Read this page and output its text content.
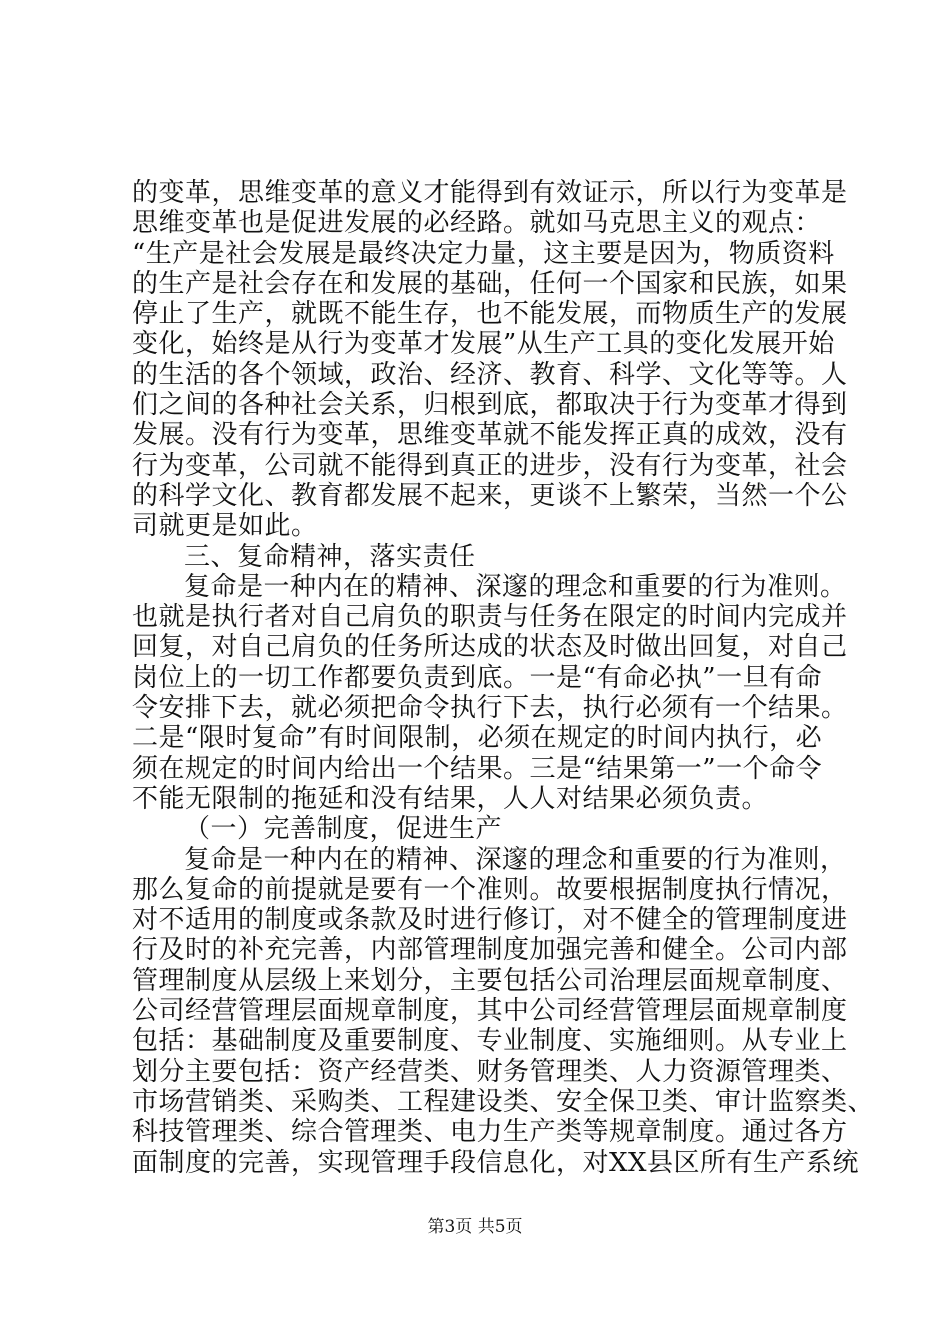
的变革，思维变革的意义才能得到有效证示，所以行为变革是
思维变革也是促进发展的必经路。就如马克思主义的观点：
“生产是社会发展是最终决定力量，这主要是因为，物质资料
的生产是社会存在和发展的基础，任何一个国家和民族，如果
停止了生产，就既不能生存，也不能发展，而物质生产的发展
变化，始终是从行为变革才发展”从生产工具的变化发展开始
的生活的各个领域，政治、经济、教育、科学、文化等等。人
们之间的各种社会关系，归根到底，都取决于行为变革才得到
发展。没有行为变革，思维变革就不能发挥正真的成效，没有
行为变革，公司就不能得到真正的进步，没有行为变革，社会
的科学文化、教育都发展不起来，更谈不上繁荣，当然一个公
司就更是如此。
三、复命精神，落实责任
复命是一种内在的精神、深邃的理念和重要的行为准则。
也就是执行者对自己肩负的职责与任务在限定的时间内完成并
回复，对自己肩负的任务所达成的状态及时做出回复，对自己
岗位上的一切工作都要负责到底。一是“有命必执”一旦有命
令安排下去，就必须把命令执行下去，执行必须有一个结果。
二是“限时复命”有时间限制，必须在规定的时间内执行，必
须在规定的时间内给出一个结果。三是“结果第一”一个命令
不能无限制的拖延和没有结果，人人对结果必须负责。
（一）完善制度，促进生产
复命是一种内在的精神、深邃的理念和重要的行为准则，
那么复命的前提就是要有一个准则。故要根据制度执行情况，
对不适用的制度或条款及时进行修订，对不健全的管理制度进
行及时的补充完善，内部管理制度加强完善和健全。公司内部
管理制度从层级上来划分，主要包括公司治理层面规章制度、
公司经营管理层面规章制度，其中公司经营管理层面规章制度
包括：基础制度及重要制度、专业制度、实施细则。从专业上
划分主要包括：资产经营类、财务管理类、人力资源管理类、
市场营销类、采购类、工程建设类、安全保卫类、审计监察类、
科技管理类、综合管理类、电力生产类等规章制度。通过各方
面制度的完善，实现管理手段信息化，对XX县区所有生产系统
第3页 共5页
